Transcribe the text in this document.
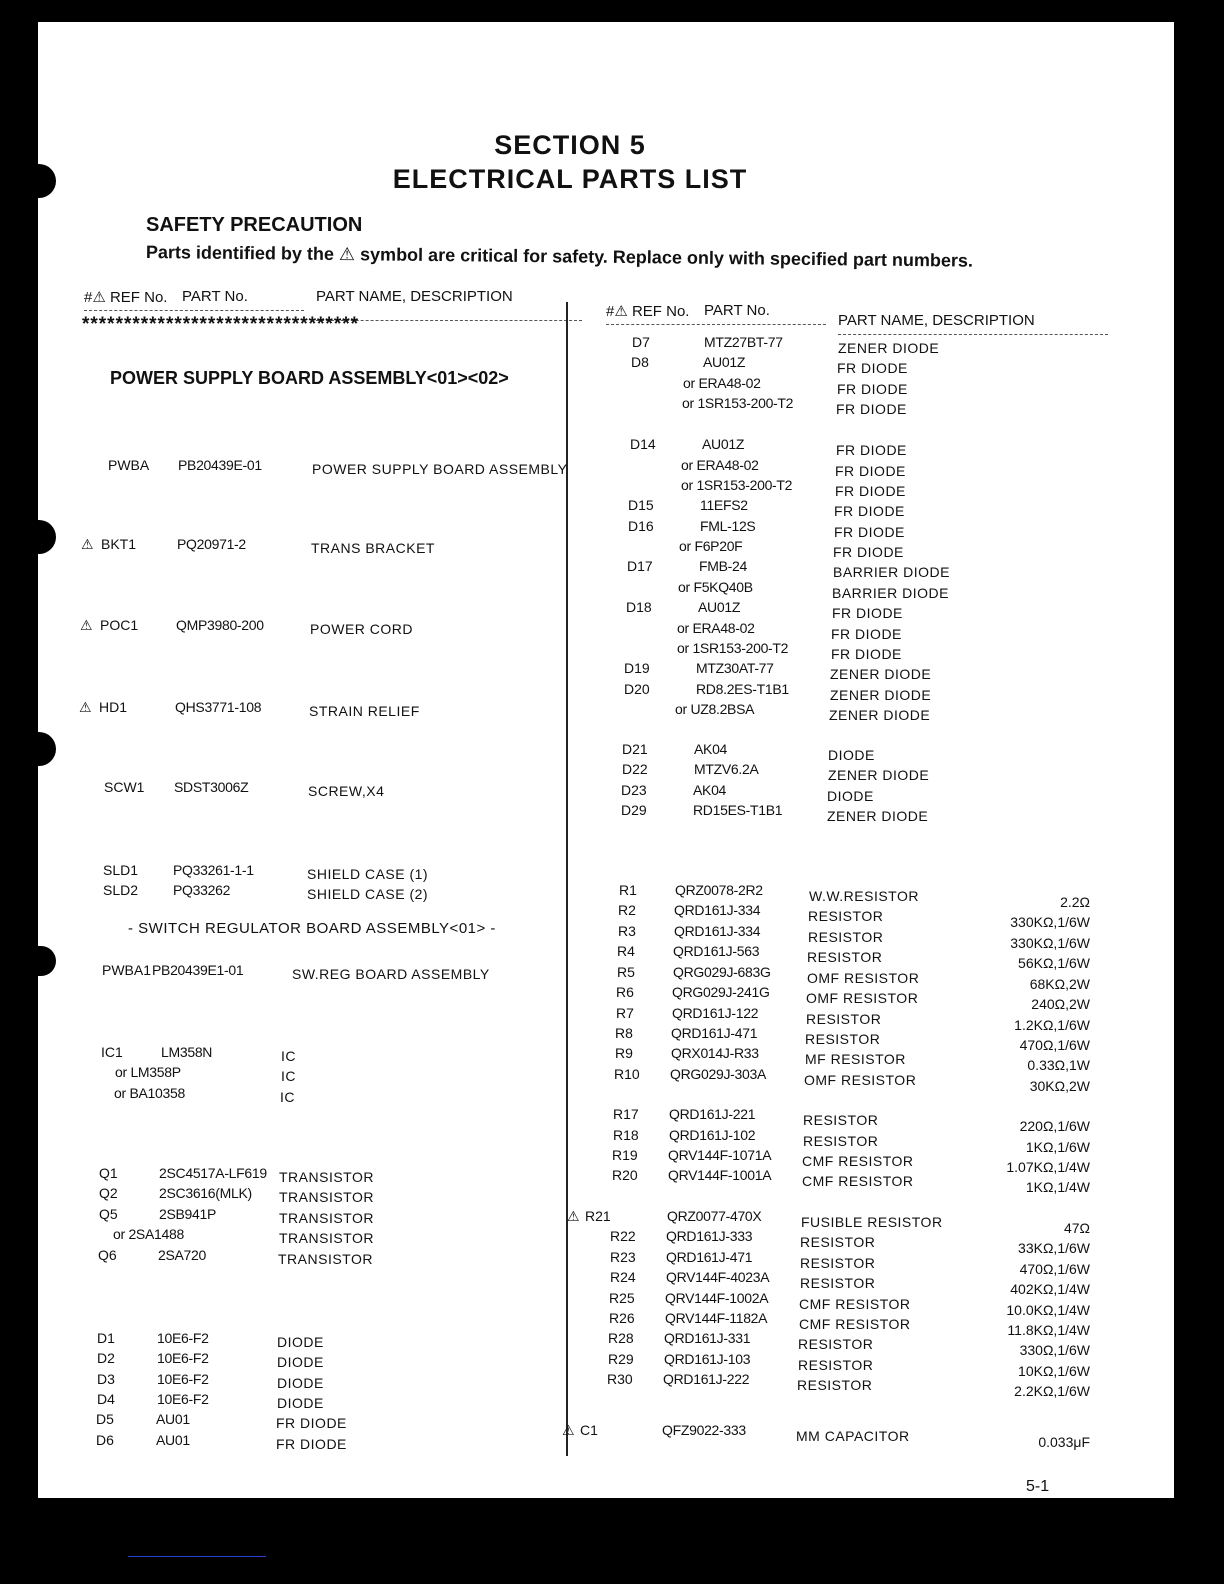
SECTION 5
ELECTRICAL PARTS LIST
SAFETY PRECAUTION
Parts identified by the ⚠ symbol are critical for safety. Replace only with specified part numbers.
#⚠ REF No. PART No.	PART NAME, DESCRIPTION
*********************************
#⚠ REF No. PART No.
PART NAME, DESCRIPTION
POWER SUPPLY BOARD ASSEMBLY<01><02>
- SWITCH REGULATOR BOARD ASSEMBLY<01> -
PWBA PB20439E-01	POWER SUPPLY BOARD ASSEMBLY
⚠ BKT1	PQ20971-2	TRANS BRACKET
⚠ POC1	QMP3980-200	POWER CORD
⚠ HD1	QHS3771-108	STRAIN RELIEF
SCW1 SDST3006Z	SCREW,X4
SLD1 PQ33261-1-1	SHIELD CASE (1)
SLD2 PQ33262	SHIELD CASE (2)
PWBA1 PB20439E1-01	SW.REG BOARD ASSEMBLY
IC1	LM358N	IC
or LM358P	IC
or BA10358	IC
Q1	2SC4517A-LF619 TRANSISTOR
Q2	2SC3616(MLK) TRANSISTOR
Q5	2SB941P	TRANSISTOR
or 2SA1488	TRANSISTOR
Q6	2SA720	TRANSISTOR
D1	10E6-F2	DIODE
D2	10E6-F2	DIODE
D3	10E6-F2	DIODE
D4	10E6-F2	DIODE
D5	AU01	FR DIODE
D6	AU01	FR DIODE
D7	MTZ27BT-77	ZENER DIODE
D8	AU01Z	FR DIODE
or ERA48-02	FR DIODE
or 1SR153-200-T2	FR DIODE
D14	AU01Z	FR DIODE
or ERA48-02	FR DIODE
or 1SR153-200-T2	FR DIODE
D15	11EFS2	FR DIODE
D16	FML-12S	FR DIODE
or F6P20F	FR DIODE
D17	FMB-24	BARRIER DIODE
or F5KQ40B	BARRIER DIODE
D18	AU01Z	FR DIODE
or ERA48-02	FR DIODE
or 1SR153-200-T2	FR DIODE
D19	MTZ30AT-77	ZENER DIODE
D20	RD8.2ES-T1B1	ZENER DIODE
or UZ8.2BSA	ZENER DIODE
D21	AK04	DIODE
D22	MTZV6.2A	ZENER DIODE
D23	AK04	DIODE
D29	RD15ES-T1B1	ZENER DIODE
R1	QRZ0078-2R2	W.W.RESISTOR	2.2Ω
R2	QRD161J-334	RESISTOR	330KΩ,1/6W
R3	QRD161J-334	RESISTOR	330KΩ,1/6W
R4	QRD161J-563	RESISTOR	56KΩ,1/6W
R5	QRG029J-683G	OMF RESISTOR	68KΩ,2W
R6	QRG029J-241G	OMF RESISTOR	240Ω,2W
R7	QRD161J-122	RESISTOR	1.2KΩ,1/6W
R8	QRD161J-471	RESISTOR	470Ω,1/6W
R9	QRX014J-R33	MF RESISTOR	0.33Ω,1W
R10 QRG029J-303A	OMF RESISTOR	30KΩ,2W
R17 QRD161J-221	RESISTOR	220Ω,1/6W
R18 QRD161J-102	RESISTOR	1KΩ,1/6W
R19 QRV144F-1071A CMF RESISTOR	1.07KΩ,1/4W
R20 QRV144F-1001A CMF RESISTOR	1KΩ,1/4W
⚠ R21	QRZ0077-470X	FUSIBLE RESISTOR	47Ω
R22 QRD161J-333	RESISTOR	33KΩ,1/6W
R23 QRD161J-471	RESISTOR	470Ω,1/6W
R24 QRV144F-4023A RESISTOR	402KΩ,1/4W
R25 QRV144F-1002A CMF RESISTOR	10.0KΩ,1/4W
R26 QRV144F-1182A CMF RESISTOR	11.8KΩ,1/4W
R28 QRD161J-331	RESISTOR	330Ω,1/6W
R29 QRD161J-103	RESISTOR	10KΩ,1/6W
R30 QRD161J-222	RESISTOR	2.2KΩ,1/6W
⚠ C1	QFZ9022-333	MM CAPACITOR	0.033μF
5-1
